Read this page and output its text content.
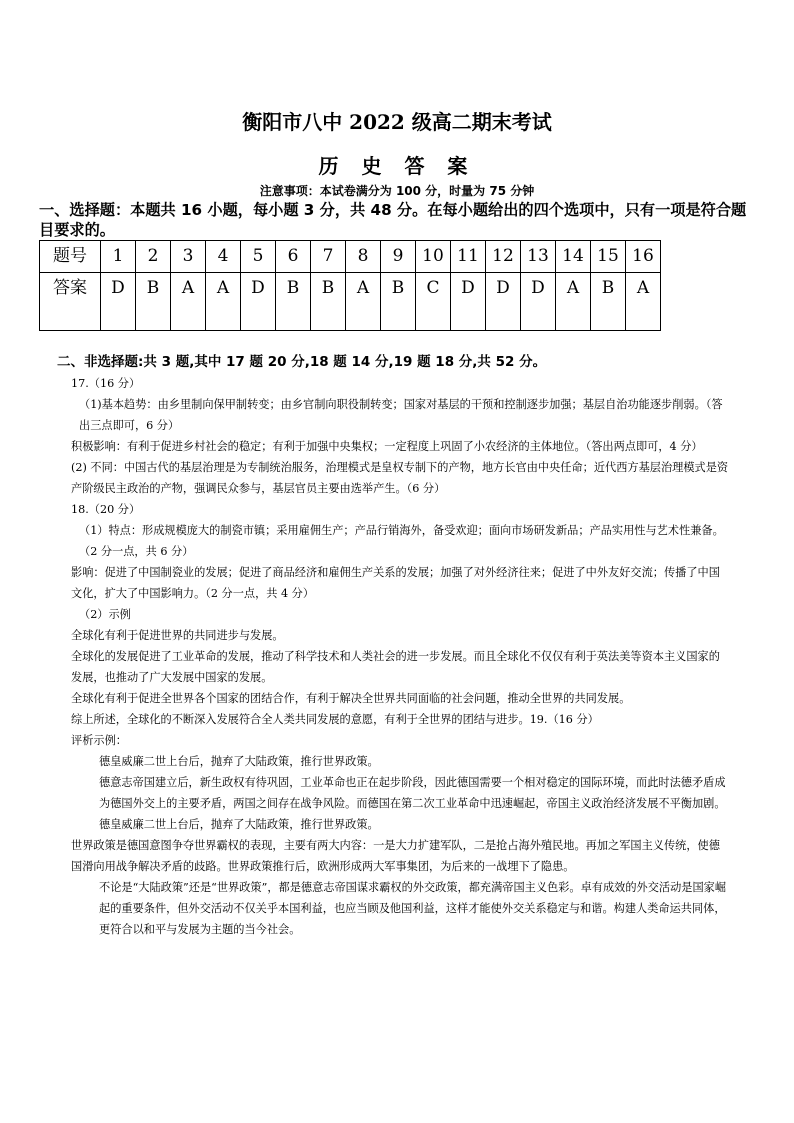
衡阳市八中 2022 级高二期末考试
历 史 答 案
注意事项：本试卷满分为 100 分，时量为 75 分钟
一、选择题：本题共 16 小题，每小题 3 分，共 48 分。在每小题给出的四个选项中，只有一项是符合题目要求的。
题号	1	2	3	4	5	6	7	8	9	10	11	12	13	14	15	16
答案	D	B	A	A	D	B	B	A	B	C	D	D	D	A	B	A
二、非选择题:共 3 题,其中 17 题 20 分,18 题 14 分,19 题 18 分,共 52 分。

17.（16 分）

（1)基本趋势：由乡里制向保甲制转变；由乡官制向职役制转变；国家对基层的干预和控制逐步加强；基层自治功能逐步削弱。（答出三点即可，6 分）

积极影响：有利于促进乡村社会的稳定；有利于加强中央集权；一定程度上巩固了小农经济的主体地位。（答出两点即可，4 分）

(2) 不同：中国古代的基层治理是为专制统治服务，治理模式是皇权专制下的产物，地方长官由中央任命；近代西方基层治理模式是资产阶级民主政治的产物，强调民众参与，基层官员主要由选举产生。（6 分）

18.（20 分）

（1）特点：形成规模庞大的制瓷市镇；采用雇佣生产；产品行销海外，备受欢迎；面向市场研发新品；产品实用性与艺术性兼备。（2 分一点，共 6 分）

影响：促进了中国制瓷业的发展；促进了商品经济和雇佣生产关系的发展；加强了对外经济往来；促进了中外友好交流；传播了中国文化，扩大了中国影响力。（2 分一点，共 4 分）

（2）示例

全球化有利于促进世界的共同进步与发展。

全球化的发展促进了工业革命的发展，推动了科学技术和人类社会的进一步发展。而且全球化不仅仅有利于英法美等资本主义国家的发展，也推动了广大发展中国家的发展。

全球化有利于促进全世界各个国家的团结合作，有利于解决全世界共同面临的社会问题，推动全世界的共同发展。

综上所述，全球化的不断深入发展符合全人类共同发展的意愿，有利于全世界的团结与进步。19.（16 分）

评析示例：

德皇威廉二世上台后，抛弃了大陆政策，推行世界政策。

德意志帝国建立后，新生政权有待巩固，工业革命也正在起步阶段，因此德国需要一个相对稳定的国际环境，而此时法德矛盾成为德国外交上的主要矛盾，两国之间存在战争风险。而德国在第二次工业革命中迅速崛起，帝国主义政治经济发展不平衡加剧。德皇威廉二世上台后，抛弃了大陆政策，推行世界政策。

世界政策是德国意图争夺世界霸权的表现，主要有两大内容：一是大力扩建军队，二是抢占海外殖民地。再加之军国主义传统，使德国滑向用战争解决矛盾的歧路。世界政策推行后，欧洲形成两大军事集团，为后来的一战埋下了隐患。

不论是“大陆政策”还是“世界政策”，都是德意志帝国谋求霸权的外交政策，都充满帝国主义色彩。卓有成效的外交活动是国家崛起的重要条件，但外交活动不仅关乎本国利益，也应当顾及他国利益，这样才能使外交关系稳定与和谐。构建人类命运共同体，更符合以和平与发展为主题的当今社会。
